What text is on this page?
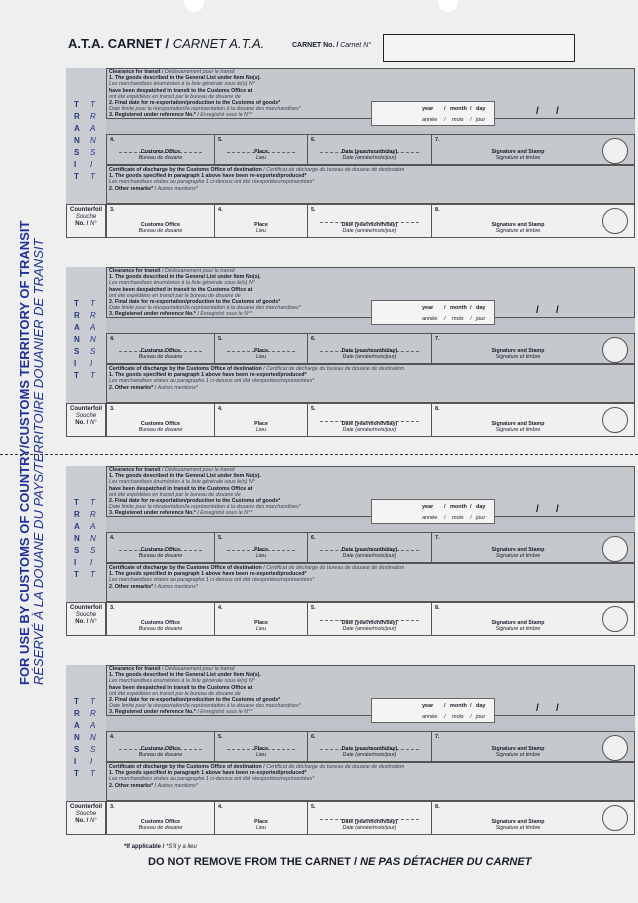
A.T.A. CARNET / CARNET A.T.A.	CARNET No. / Carnet N°
FOR USE BY CUSTOMS OF COUNTRY/CUSTOMS TERRITORY OF TRANSIT RÉSERVÉ À LA DOUANE DU PAYS/TERRITOIRE DOUANIER DE TRANSIT
T T
R R
A A
N N
S S
I I
T T
Clearance for transit / Dédouanement pour le transit
1. The goods described in the General List under Item No(s).
Les marchandises énumérées à la liste générale sous le(s) N°
have been despatched in transit to the Customs Office at
ont été expédiées en transit par le bureau de douane de
2. Final date for re-exportation/production to the Customs of goods*
Date limite pour la réexportation/la représentation à la douane des marchandises*
3. Registered under reference No.* / Enregistré sous le N°*
year / month / day
année / mois / jour
/ /
4.
Customs Office
Bureau de douane
5.
Place
Lieu
6.
Date (year/month/day)
Date (année/mois/jour)
7.
Signature and Stamp
Signature et timbre
Certificate of discharge by the Customs Office of destination / Certificat de décharge du bureau de douane de destination
1. The goods specified in paragraph 1 above have been re-exported/produced*
Les marchandises visées au paragraphe 1 ci-dessus ont été réexportées/représentées*
2. Other remarks* / Autres mentions*
Counterfoil
Souche
No. / N°
3.
Customs Office
Bureau de douane
4.
Place
Lieu
5.
Date (year/month/day)
Date (année/mois/jour)
8.
Signature and Stamp
Signature et timbre
T T
R R
A A
N N
S S
I I
T T
Clearance for transit / Dédouanement pour le transit
1. The goods described in the General List under Item No(s).
Les marchandises énumérées à la liste générale sous le(s) N°
have been despatched in transit to the Customs Office at
ont été expédiées en transit par le bureau de douane de
2. Final date for re-exportation/production to the Customs of goods*
Date limite pour la réexportation/la représentation à la douane des marchandises*
3. Registered under reference No.* / Enregistré sous le N°*
year / month / day
année / mois / jour
/ /
4.
Customs Office
Bureau de douane
5.
Place
Lieu
6.
Date (year/month/day)
Date (année/mois/jour)
7.
Signature and Stamp
Signature et timbre
Certificate of discharge by the Customs Office of destination / Certificat de décharge du bureau de douane de destination
1. The goods specified in paragraph 1 above have been re-exported/produced*
Les marchandises visées au paragraphe 1 ci-dessus ont été réexportées/représentées*
2. Other remarks* / Autres mentions*
Counterfoil
Souche
No. / N°
3.
Customs Office
Bureau de douane
4.
Place
Lieu
5.
Date (year/month/day)
Date (année/mois/jour)
8.
Signature and Stamp
Signature et timbre
T T
R R
A A
N N
S S
I I
T T
Clearance for transit / Dédouanement pour le transit
1. The goods described in the General List under Item No(s).
Les marchandises énumérées à la liste générale sous le(s) N°
have been despatched in transit to the Customs Office at
ont été expédiées en transit par le bureau de douane de
2. Final date for re-exportation/production to the Customs of goods*
Date limite pour la réexportation/la représentation à la douane des marchandises*
3. Registered under reference No.* / Enregistré sous le N°*
year / month / day
année / mois / jour
/ /
4.
Customs Office
Bureau de douane
5.
Place
Lieu
6.
Date (year/month/day)
Date (année/mois/jour)
7.
Signature and Stamp
Signature et timbre
Certificate of discharge by the Customs Office of destination / Certificat de décharge du bureau de douane de destination
1. The goods specified in paragraph 1 above have been re-exported/produced*
Les marchandises visées au paragraphe 1 ci-dessus ont été réexportées/représentées*
2. Other remarks* / Autres mentions*
Counterfoil
Souche
No. / N°
3.
Customs Office
Bureau de douane
4.
Place
Lieu
5.
Date (year/month/day)
Date (année/mois/jour)
8.
Signature and Stamp
Signature et timbre
T T
R R
A A
N N
S S
I I
T T
Clearance for transit / Dédouanement pour le transit
1. The goods described in the General List under Item No(s).
Les marchandises énumérées à la liste générale sous le(s) N°
have been despatched in transit to the Customs Office at
ont été expédiées en transit par le bureau de douane de
2. Final date for re-exportation/production to the Customs of goods*
Date limite pour la réexportation/la représentation à la douane des marchandises*
3. Registered under reference No.* / Enregistré sous le N°*
year / month / day
année / mois / jour
/ /
4.
Customs Office
Bureau de douane
5.
Place
Lieu
6.
Date (year/month/day)
Date (année/mois/jour)
7.
Signature and Stamp
Signature et timbre
Certificate of discharge by the Customs Office of destination / Certificat de décharge du bureau de douane de destination
1. The goods specified in paragraph 1 above have been re-exported/produced*
Les marchandises visées au paragraphe 1 ci-dessus ont été réexportées/représentées*
2. Other remarks* / Autres mentions*
Counterfoil
Souche
No. / N°
3.
Customs Office
Bureau de douane
4.
Place
Lieu
5.
Date (year/month/day)
Date (année/mois/jour)
8.
Signature and Stamp
Signature et timbre
*If applicable / *S'il y a lieu
DO NOT REMOVE FROM THE CARNET / NE PAS DÉTACHER DU CARNET
